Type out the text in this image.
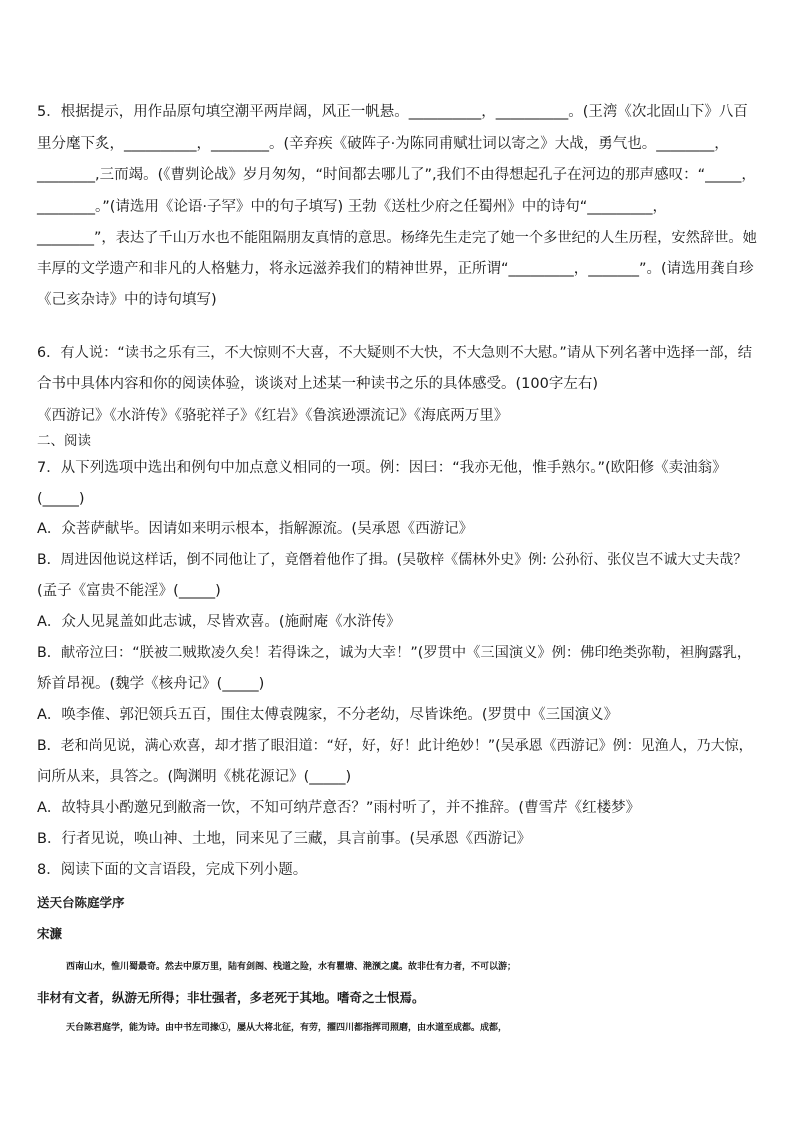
5．根据提示，用作品原句填空潮平两岸阔，风正一帆悬。__________，__________。(王湾《次北固山下》八百
里分麾下炙，__________，________。(辛弃疾《破阵子·为陈同甫赋壮词以寄之》大战，勇气也。________，
________,三而竭。(《曹刿论战》岁月匆匆，“时间都去哪儿了”,我们不由得想起孔子在河边的那声感叹：“_____，
________。”(请选用《论语·子罕》中的句子填写) 王勃《送杜少府之任蜀州》中的诗句“_________，
________”，表达了千山万水也不能阻隔朋友真情的意思。杨绛先生走完了她一个多世纪的人生历程，安然辞世。她
丰厚的文学遗产和非凡的人格魅力，将永远滋养我们的精神世界，正所谓“_________，_______”。(请选用龚自珍
《己亥杂诗》中的诗句填写)
6．有人说：“读书之乐有三，不大惊则不大喜，不大疑则不大快，不大急则不大慰。”请从下列名著中选择一部，结
合书中具体内容和你的阅读体验，谈谈对上述某一种读书之乐的具体感受。(100字左右)
《西游记》《水浒传》《骆驼祥子》《红岩》《鲁滨逊漂流记》《海底两万里》
二、阅读
7．从下列选项中选出和例句中加点意义相同的一项。例：因曰：“我亦无他，惟手熟尔。”(欧阳修《卖油翁》
(_____)
A．众菩萨献毕。因请如来明示根本，指解源流。(吴承恩《西游记》
B．周进因他说这样话，倒不同他让了，竟僭着他作了揖。(吴敬梓《儒林外史》例: 公孙衍、张仪岂不诚大丈夫哉？
(孟子《富贵不能淫》(_____)
A．众人见晁盖如此志诚，尽皆欢喜。(施耐庵《水浒传》
B．献帝泣曰：“朕被二贼欺凌久矣！若得诛之，诚为大幸！”(罗贯中《三国演义》例：佛印绝类弥勒，袒胸露乳，
矫首昂视。(魏学《核舟记》(_____)
A．唤李傕、郭汜领兵五百，围住太傅袁隗家，不分老幼，尽皆诛绝。(罗贯中《三国演义》
B．老和尚见说，满心欢喜，却才揩了眼泪道：“好，好，好！此计绝妙！”(吴承恩《西游记》例：见渔人，乃大惊，
问所从来，具答之。(陶渊明《桃花源记》(_____)
A．故特具小酌邀兄到敝斋一饮，不知可纳芹意否？”雨村听了，并不推辞。(曹雪芹《红楼梦》
B．行者见说，唤山神、土地，同来见了三藏，具言前事。(吴承恩《西游记》
8．阅读下面的文言语段，完成下列小题。
送天台陈庭学序
宋濂
西南山水，惟川蜀最奇。然去中原万里，陆有剑阁、栈道之险，水有瞿塘、滟滪之虞。故非仕有力者，不可以游；
非材有文者，纵游无所得；非壮强者，多老死于其地。嗜奇之士恨焉。
天台陈君庭学，能为诗。由中书左司掾①，屡从大将北征，有劳，擢四川都指挥司照磨，由水道至成都。成都，
